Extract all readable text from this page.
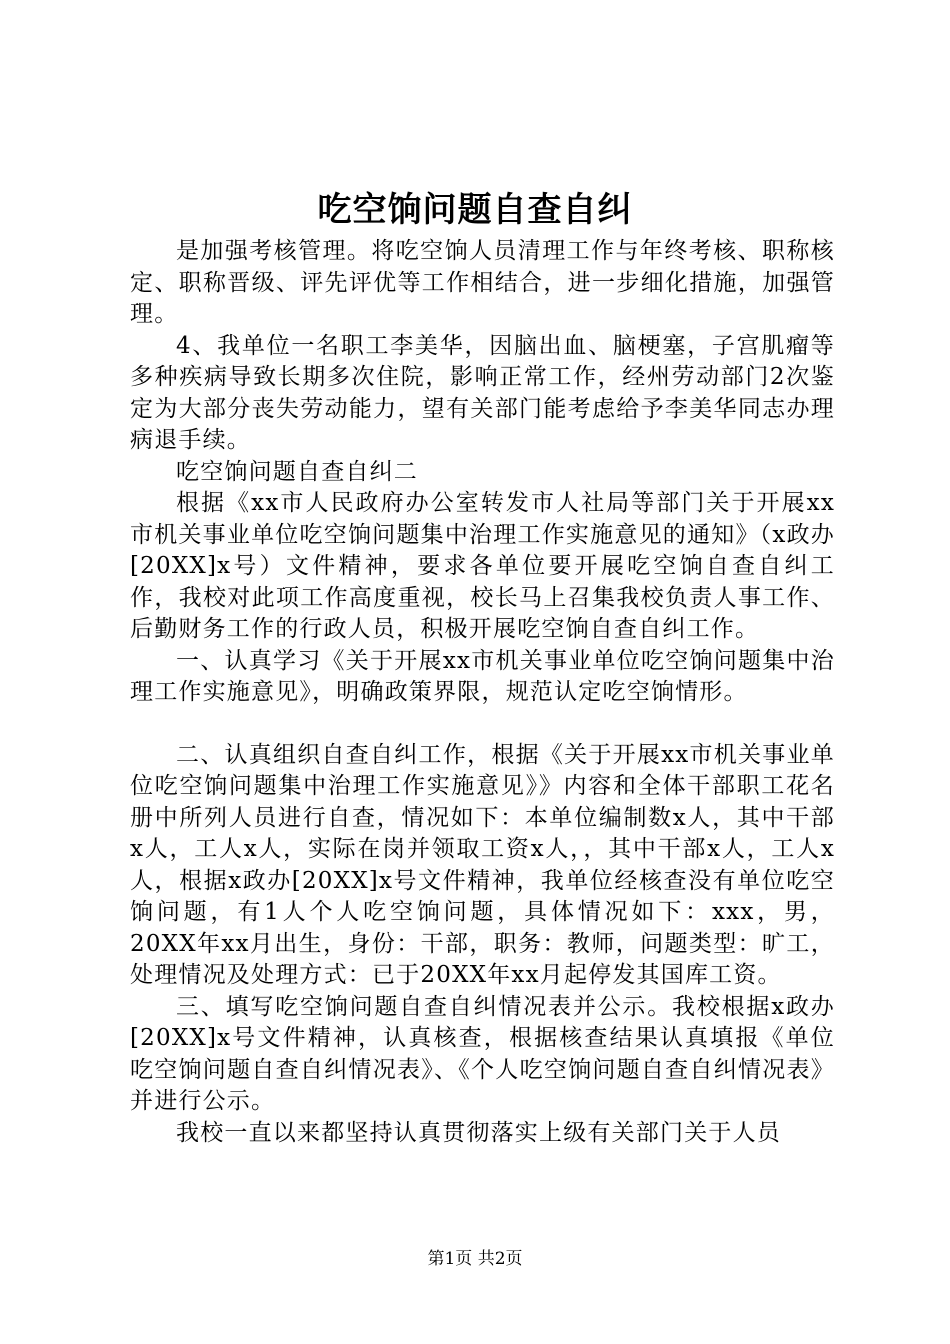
吃空饷问题自查自纠

是加强考核管理。将吃空饷人员清理工作与年终考核、职称核定、职称晋级、评先评优等工作相结合，进一步细化措施，加强管理。

4、我单位一名职工李美华，因脑出血、脑梗塞，子宫肌瘤等多种疾病导致长期多次住院，影响正常工作，经州劳动部门2次鉴定为大部分丧失劳动能力，望有关部门能考虑给予李美华同志办理病退手续。

吃空饷问题自查自纠二

根据《xx市人民政府办公室转发市人社局等部门关于开展xx市机关事业单位吃空饷问题集中治理工作实施意见的通知》（x政办[20XX]x号）文件精神，要求各单位要开展吃空饷自查自纠工作，我校对此项工作高度重视，校长马上召集我校负责人事工作、后勤财务工作的行政人员，积极开展吃空饷自查自纠工作。

一、认真学习《关于开展xx市机关事业单位吃空饷问题集中治理工作实施意见》，明确政策界限，规范认定吃空饷情形。

二、认真组织自查自纠工作，根据《关于开展xx市机关事业单位吃空饷问题集中治理工作实施意见》》内容和全体干部职工花名册中所列人员进行自查，情况如下：本单位编制数x人，其中干部x人，工人x人，实际在岗并领取工资x人，，其中干部x人，工人x人，根据x政办[20XX]x号文件精神，我单位经核查没有单位吃空饷问题，有1人个人吃空饷问题，具体情况如下：xxx，男，20XX年xx月出生，身份：干部，职务：教师，问题类型：旷工，处理情况及处理方式：已于20XX年xx月起停发其国库工资。

三、填写吃空饷问题自查自纠情况表并公示。我校根据x政办[20XX]x号文件精神，认真核查，根据核查结果认真填报《单位吃空饷问题自查自纠情况表》、《个人吃空饷问题自查自纠情况表》并进行公示。

我校一直以来都坚持认真贯彻落实上级有关部门关于人员

第1页 共2页
